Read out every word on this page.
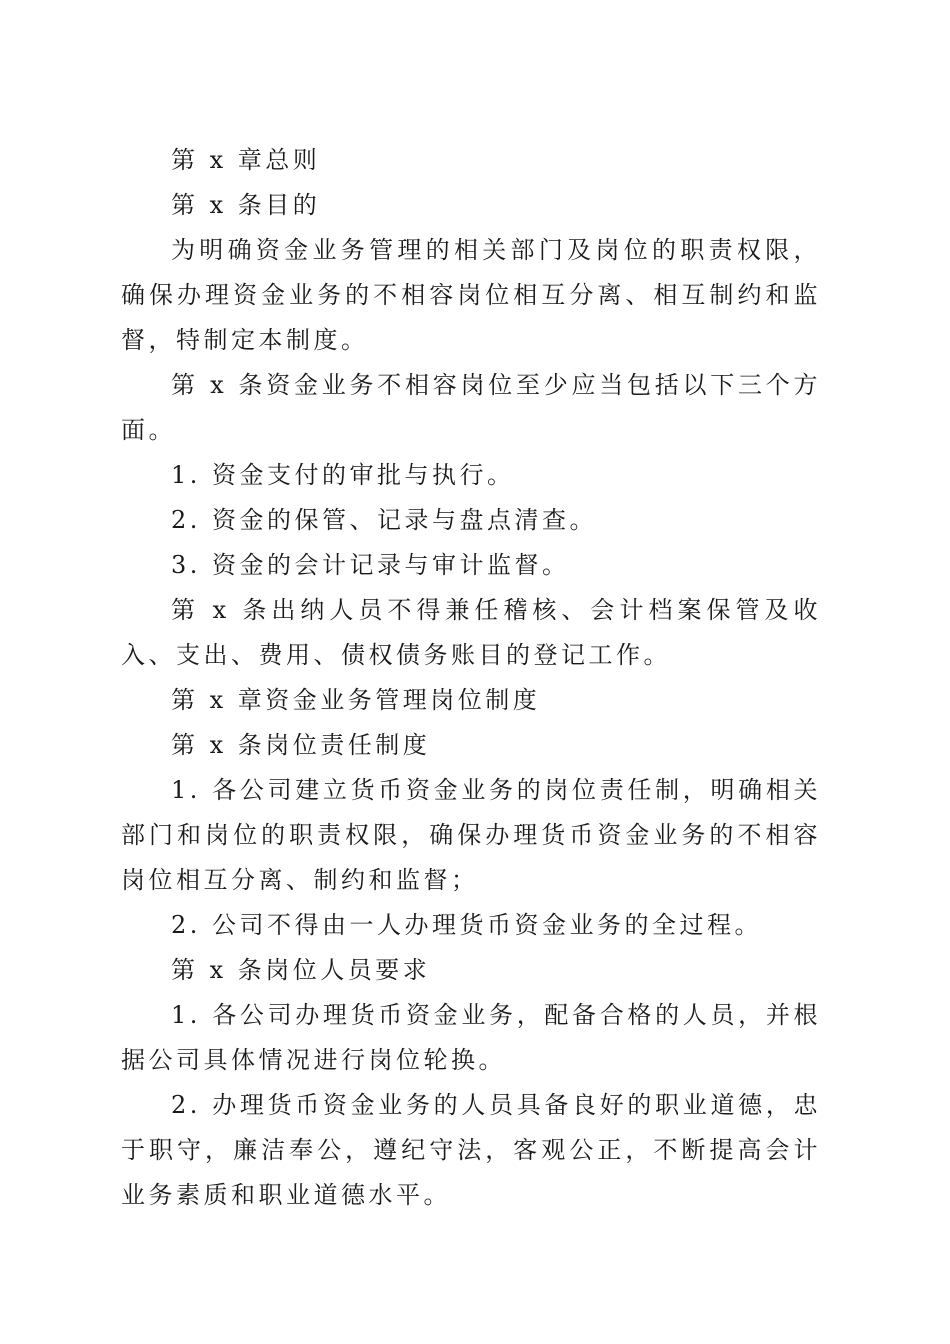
第 x 章总则

第 x 条目的

为明确资金业务管理的相关部门及岗位的职责权限，确保办理资金业务的不相容岗位相互分离、相互制约和监督，特制定本制度。

第 x 条资金业务不相容岗位至少应当包括以下三个方面。

1. 资金支付的审批与执行。

2. 资金的保管、记录与盘点清查。

3. 资金的会计记录与审计监督。

第 x 条出纳人员不得兼任稽核、会计档案保管及收入、支出、费用、债权债务账目的登记工作。

第 x 章资金业务管理岗位制度

第 x 条岗位责任制度

1. 各公司建立货币资金业务的岗位责任制，明确相关部门和岗位的职责权限，确保办理货币资金业务的不相容岗位相互分离、制约和监督；

2. 公司不得由一人办理货币资金业务的全过程。

第 x 条岗位人员要求

1. 各公司办理货币资金业务，配备合格的人员，并根据公司具体情况进行岗位轮换。

2. 办理货币资金业务的人员具备良好的职业道德，忠于职守，廉洁奉公，遵纪守法，客观公正，不断提高会计业务素质和职业道德水平。
